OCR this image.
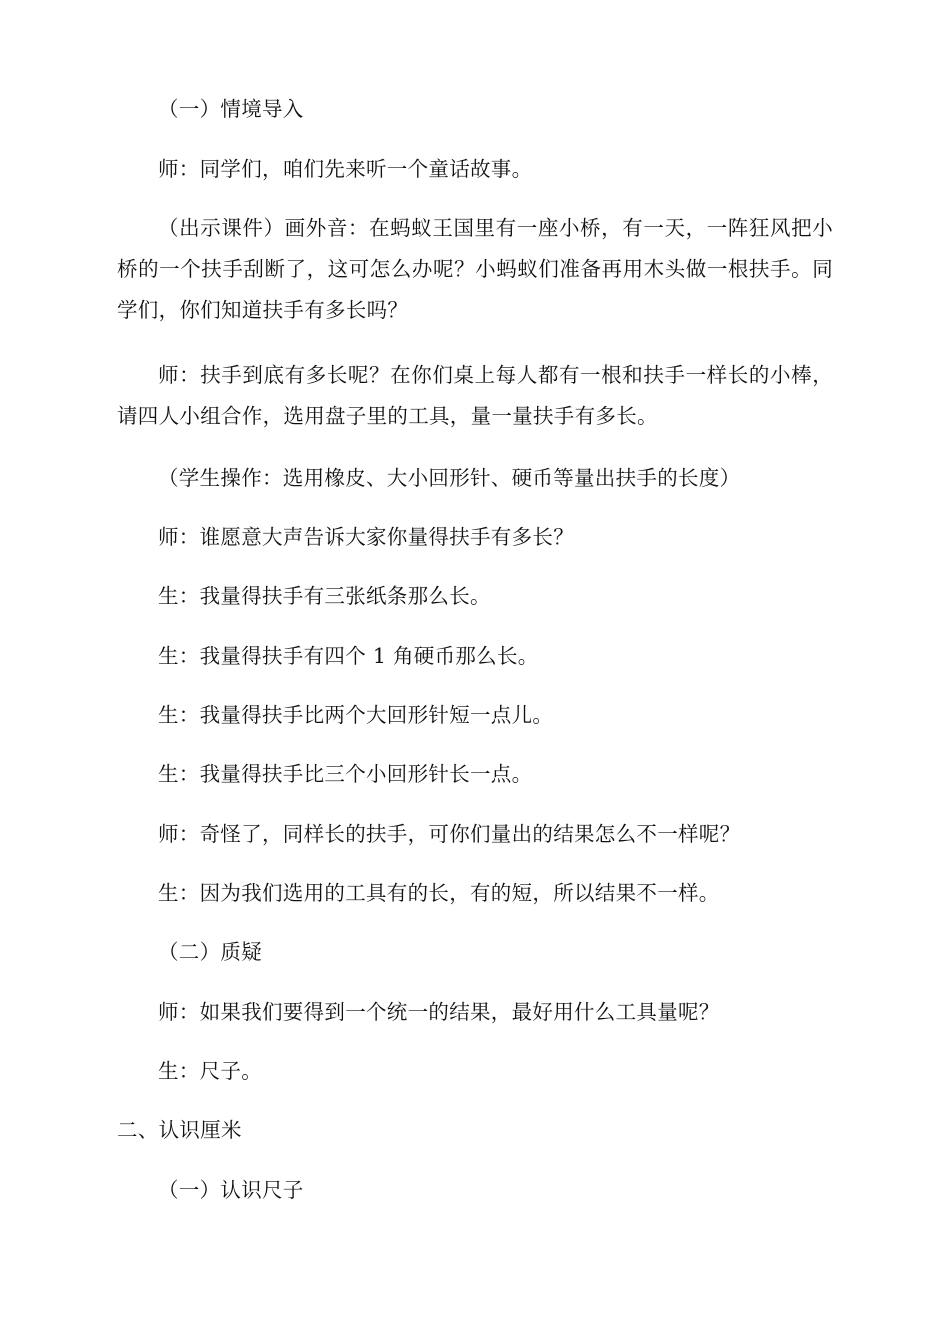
（一）情境导入

师：同学们，咱们先来听一个童话故事。

（出示课件）画外音：在蚂蚁王国里有一座小桥，有一天，一阵狂风把小桥的一个扶手刮断了，这可怎么办呢？小蚂蚁们准备再用木头做一根扶手。同学们，你们知道扶手有多长吗？

师：扶手到底有多长呢？在你们桌上每人都有一根和扶手一样长的小棒，请四人小组合作，选用盘子里的工具，量一量扶手有多长。

（学生操作：选用橡皮、大小回形针、硬币等量出扶手的长度）

师：谁愿意大声告诉大家你量得扶手有多长？

生：我量得扶手有三张纸条那么长。

生：我量得扶手有四个 1 角硬币那么长。

生：我量得扶手比两个大回形针短一点儿。

生：我量得扶手比三个小回形针长一点。

师：奇怪了，同样长的扶手，可你们量出的结果怎么不一样呢？

生：因为我们选用的工具有的长，有的短，所以结果不一样。

（二）质疑

师：如果我们要得到一个统一的结果，最好用什么工具量呢？

生：尺子。

二、认识厘米

（一）认识尺子
